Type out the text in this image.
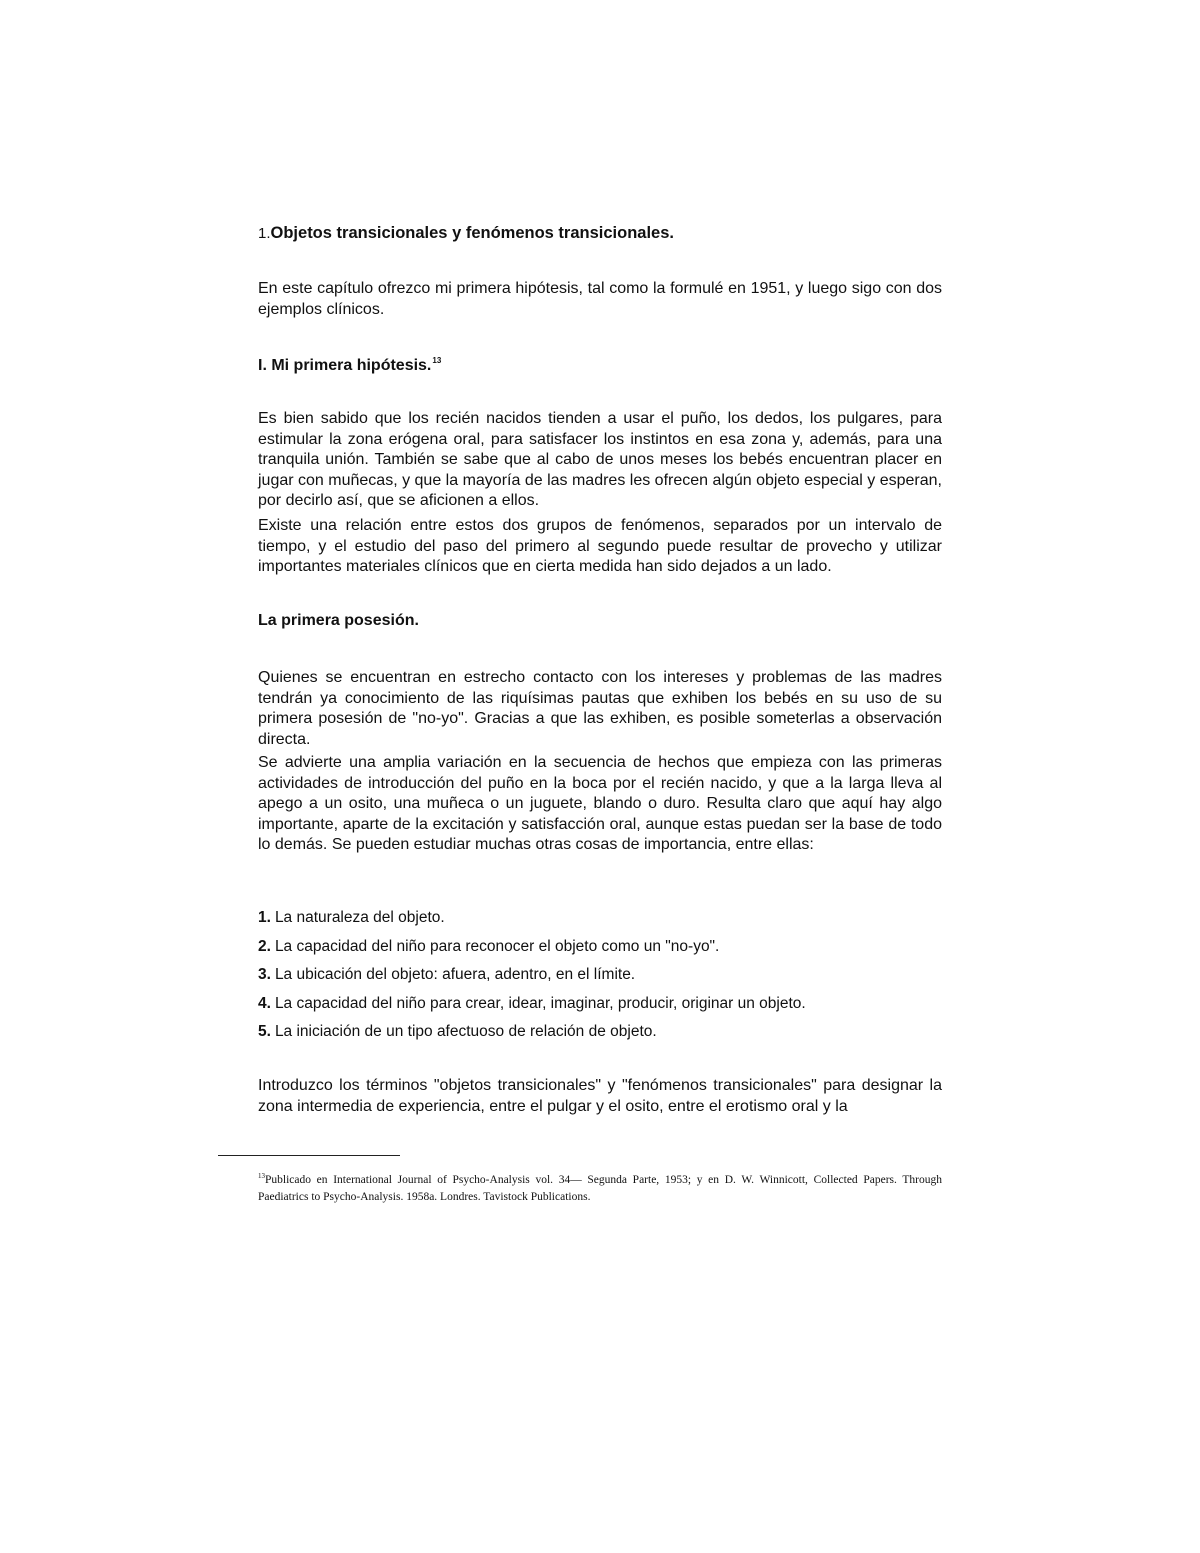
1.Objetos transicionales y fenómenos transicionales.

En este capítulo ofrezco mi primera hipótesis, tal como la formulé en 1951, y luego sigo con dos ejemplos clínicos.

I. Mi primera hipótesis.$^{13}$

Es bien sabido que los recién nacidos tienden a usar el puño, los dedos, los pulgares, para estimular la zona erógena oral, para satisfacer los instintos en esa zona y, además, para una tranquila unión. También se sabe que al cabo de unos meses los bebés encuentran placer en jugar con muñecas, y que la mayoría de las madres les ofrecen algún objeto especial y esperan, por decirlo así, que se aficionen a ellos.

Existe una relación entre estos dos grupos de fenómenos, separados por un intervalo de tiempo, y el estudio del paso del primero al segundo puede resultar de provecho y utilizar importantes materiales clínicos que en cierta medida han sido dejados a un lado.

La primera posesión.

Quienes se encuentran en estrecho contacto con los intereses y problemas de las madres tendrán ya conocimiento de las riquísimas pautas que exhiben los bebés en su uso de su primera posesión de "no-yo". Gracias a que las exhiben, es posible someterlas a observación directa.

Se advierte una amplia variación en la secuencia de hechos que empieza con las primeras actividades de introducción del puño en la boca por el recién nacido, y que a la larga lleva al apego a un osito, una muñeca o un juguete, blando o duro. Resulta claro que aquí hay algo importante, aparte de la excitación y satisfacción oral, aunque estas puedan ser la base de todo lo demás. Se pueden estudiar muchas otras cosas de importancia, entre ellas:

1. La naturaleza del objeto.
2. La capacidad del niño para reconocer el objeto como un "no-yo".
3. La ubicación del objeto: afuera, adentro, en el límite.
4. La capacidad del niño para crear, idear, imaginar, producir, originar un objeto.
5. La iniciación de un tipo afectuoso de relación de objeto.

Introduzco los términos "objetos transicionales" y "fenómenos transicionales" para designar la zona intermedia de experiencia, entre el pulgar y el osito, entre el erotismo oral y la

$^{13}$Publicado en International Journal of Psycho-Analysis vol. 34— Segunda Parte, 1953; y en D. W. Winnicott, Collected Papers. Through Paediatrics to Psycho-Analysis. 1958a. Londres. Tavistock Publications.
